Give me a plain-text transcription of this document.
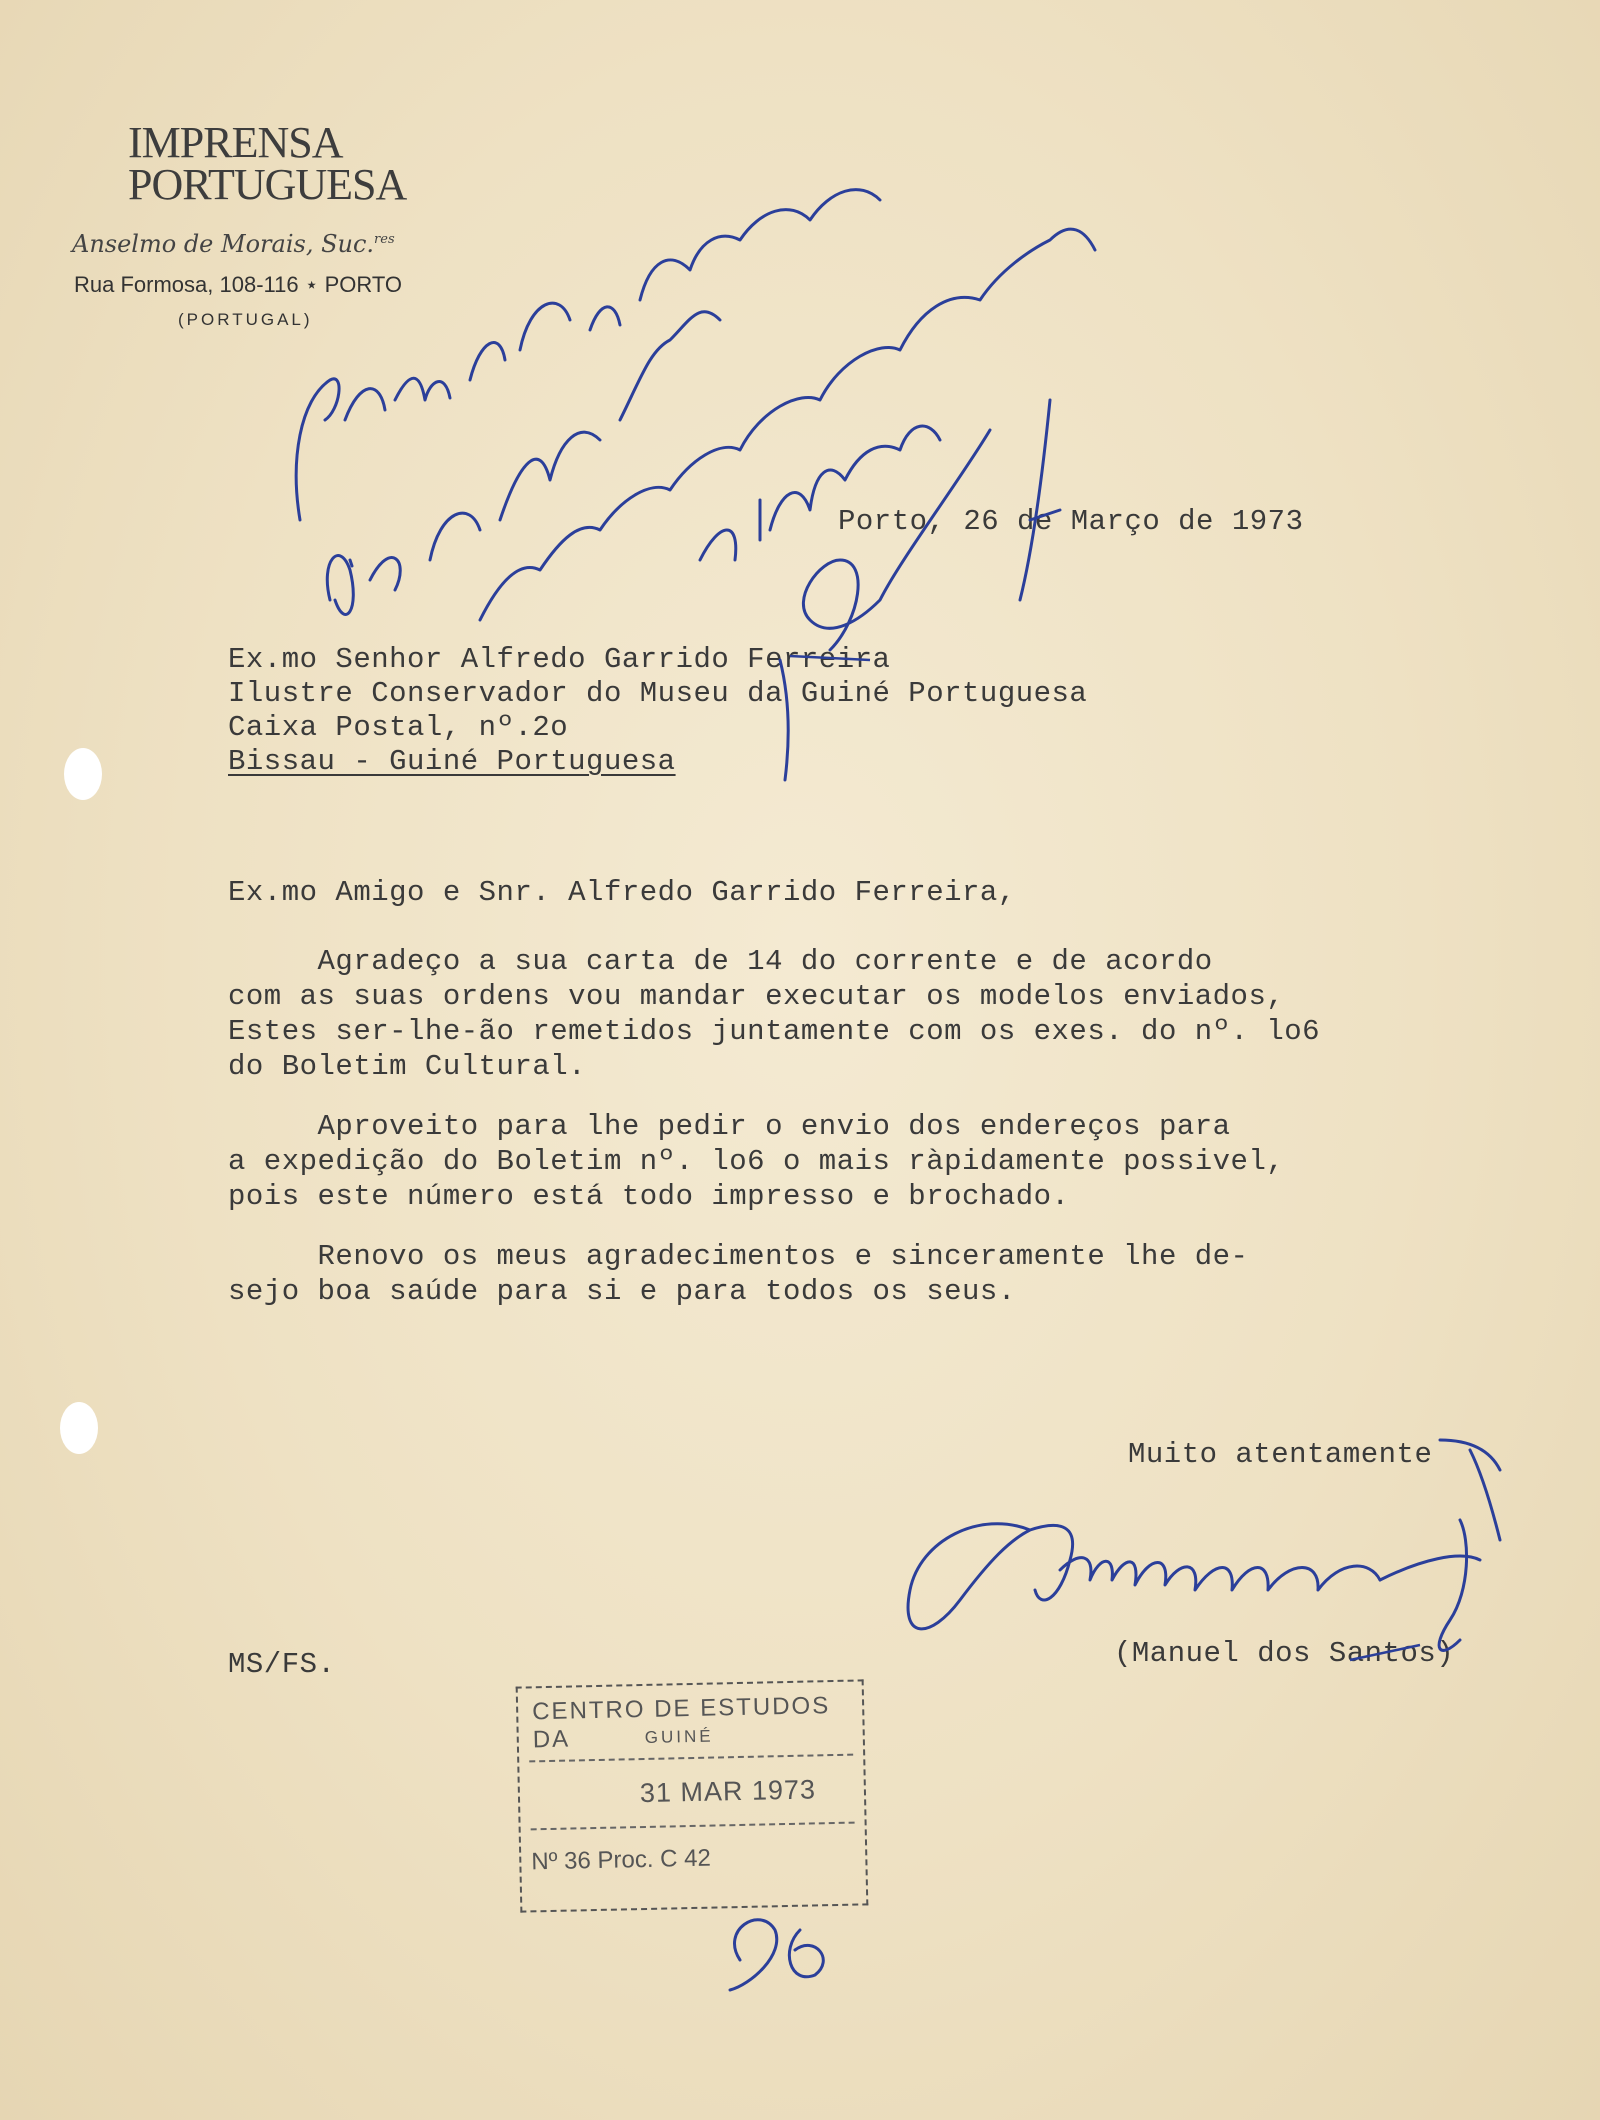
IMPRENSA
PORTUGUESA
Anselmo de Morais, Suc.$^{res}$
Rua Formosa, 108-116 ⋆ PORTO
(PORTUGAL)
Porto, 26 de Março de 1973
Ex.mo Senhor Alfredo Garrido Ferreira
Ilustre Conservador do Museu da Guiné Portuguesa
Caixa Postal, nº.2o
Bissau - Guiné Portuguesa
Ex.mo Amigo e Snr. Alfredo Garrido Ferreira,
Agradeço a sua carta de 14 do corrente e de acordo
com as suas ordens vou mandar executar os modelos enviados,
Estes ser-lhe-ão remetidos juntamente com os exes. do nº. lo6
do Boletim Cultural.
Aproveito para lhe pedir o envio dos endereços para
a expedição do Boletim nº. lo6 o mais ràpidamente possivel,
pois este número está todo impresso e brochado.
Renovo os meus agradecimentos e sinceramente lhe de-
sejo boa saúde para si e para todos os seus.
Muito atentamente
(Manuel dos Santos)
MS/FS.
CENTRO DE ESTUDOS DA	GUINÉ
31 MAR 1973
Nº 36 Proc. C 42
